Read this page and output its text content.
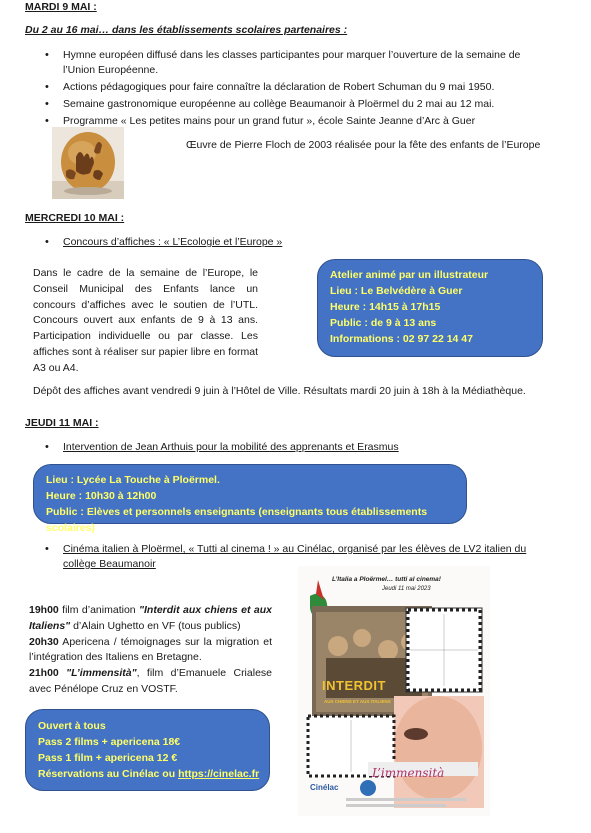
MARDI 9 MAI :
Du 2 au 16 mai… dans les établissements scolaires partenaires :
• Hymne européen diffusé dans les classes participantes pour marquer l’ouverture de la semaine de l’Union Européenne.
• Actions pédagogiques pour faire connaître la déclaration de Robert Schuman du 9 mai 1950.
• Semaine gastronomique européenne au collège Beaumanoir à Ploërmel du 2 mai au 12 mai.
• Programme « Les petites mains pour un grand futur », école Sainte Jeanne d’Arc à Guer
Œuvre de Pierre Floch de 2003 réalisée pour la fête des enfants de l’Europe
MERCREDI 10 MAI :
• Concours d’affiches : « L’Ecologie et l’Europe »
Dans le cadre de la semaine de l’Europe, le Conseil Municipal des Enfants lance un concours d’affiches avec le soutien de l’UTL. Concours ouvert aux enfants de 9 à 13 ans. Participation individuelle ou par classe. Les affiches sont à réaliser sur papier libre en format A3 ou A4.
Atelier animé par un illustrateur
Lieu : Le Belvédère à Guer
Heure : 14h15 à 17h15
Public : de 9 à 13 ans
Informations : 02 97 22 14 47
Dépôt des affiches avant vendredi 9 juin à l’Hôtel de Ville. Résultats mardi 20 juin à 18h à la Médiathèque.
JEUDI 11 MAI :
• Intervention de Jean Arthuis pour la mobilité des apprenants et Erasmus
Lieu : Lycée La Touche à Ploërmel.
Heure : 10h30 à 12h00
Public : Elèves et personnels enseignants (enseignants tous établissements scolaires)
• Cinéma italien à Ploërmel, « Tutti al cinema ! » au Cinélac, organisé par les élèves de LV2 italien du collège Beaumanoir
19h00 film d’animation "Interdit aux chiens et aux Italiens" d’Alain Ughetto en VF (tous publics)
20h30 Apericena / témoignages sur la migration et l’intégration des Italiens en Bretagne.
21h00 "L’immensità", film d’Emanuele Crialese avec Pénélope Cruz en VOSTF.
Ouvert à tous
Pass 2 films + apericena 18€
Pass 1 film + apericena 12 €
Réservations au Cinélac ou https://cinelac.fr
L’Italia a Ploërmel… tutti al cinema!
Jeudi 11 mai 2023
INTERDIT
AUX CHIENS ET AUX ITALIENS
L’immensità
Cinélac
